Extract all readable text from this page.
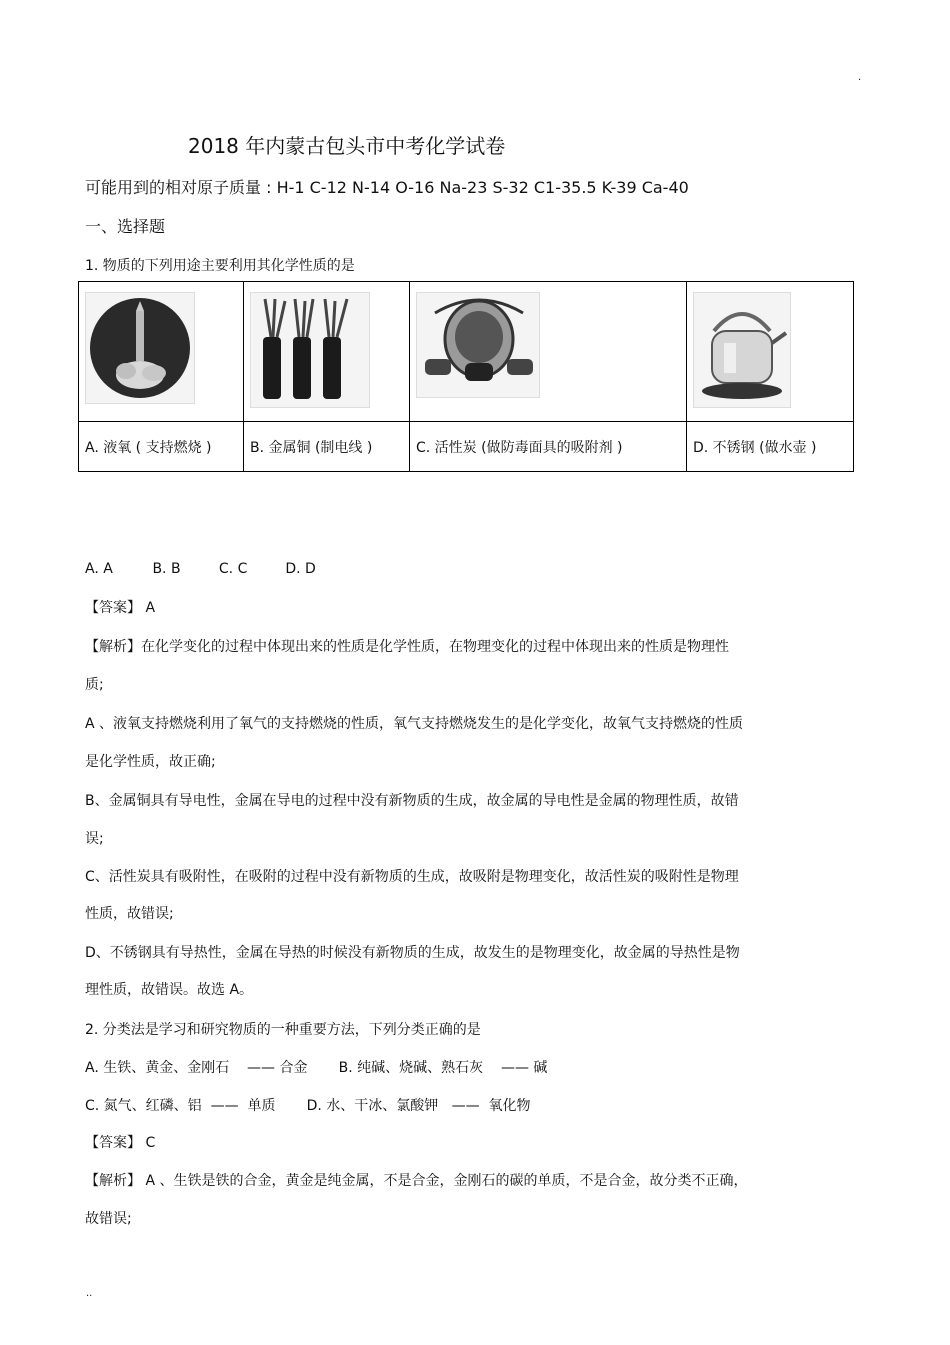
.
2018 年内蒙古包头市中考化学试卷
可能用到的相对原子质量 : H-1 C-12 N-14 O-16 Na-23 S-32 C1-35.5 K-39 Ca-40
一、选择题
1. 物质的下列用途主要利用其化学性质的是

A. 液氧 ( 支持燃烧 )	B. 金属铜 (制电线 )	C. 活性炭 (做防毒面具的吸附剂 )	D. 不锈钢 (做水壶 )
A. A	B. B	C. C	D. D
【答案】 A
【解析】在化学变化的过程中体现出来的性质是化学性质，在物理变化的过程中体现出来的性质是物理性
质;
A 、液氧支持燃烧利用了氧气的支持燃烧的性质，氧气支持燃烧发生的是化学变化，故氧气支持燃烧的性质
是化学性质，故正确;
B、金属铜具有导电性，金属在导电的过程中没有新物质的生成，故金属的导电性是金属的物理性质，故错
误;
C、活性炭具有吸附性，在吸附的过程中没有新物质的生成，故吸附是物理变化，故活性炭的吸附性是物理
性质，故错误;
D、不锈钢具有导热性，金属在导热的时候没有新物质的生成，故发生的是物理变化，故金属的导热性是物
理性质，故错误。故选 A。
2. 分类法是学习和研究物质的一种重要方法，下列分类正确的是
A. 生铁、黄金、金刚石    —— 合金       B. 纯碱、烧碱、熟石灰    —— 碱
C. 氮气、红磷、铝  ——  单质       D. 水、干冰、氯酸钾   ——  氧化物
【答案】 C
【解析】 A 、生铁是铁的合金，黄金是纯金属，不是合金，金刚石的碳的单质，不是合金，故分类不正确，
故错误;
..
